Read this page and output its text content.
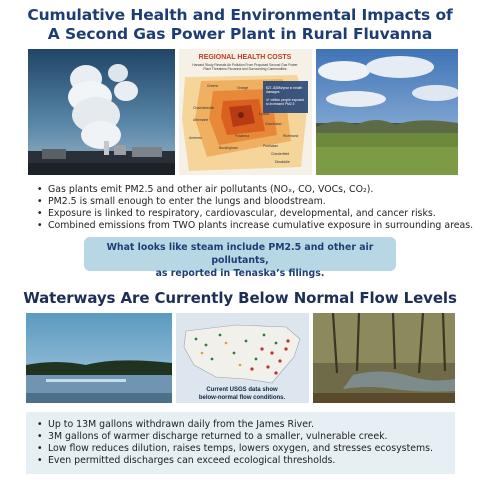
Cumulative Health and Environmental Impacts of
A Second Gas Power Plant in Rural Fluvanna
REGIONAL HEALTH COSTS
Harvard Study Reveals Air Pollution From Proposed Second Gas Power
Plant Threatens Fluvanna and Surrounding Communities
$27–$38M/year in health
damages
4+ million people exposed
to increased PM2.5
Greene	Orange
Charlottesville
Albemarle
Louisa
Goochland
Richmond
Fluvanna
Buckingham	Powhatan
Dinwiddie
Amherst
Chesterfield
• Gas plants emit PM2.5 and other air pollutants (NOₓ, CO, VOCs, CO₂).
• PM2.5 is small enough to enter the lungs and bloodstream.
• Exposure is linked to respiratory, cardiovascular, developmental, and cancer risks.
• Combined emissions from TWO plants increase cumulative exposure in surrounding areas.
What looks like steam include PM2.5 and other air pollutants,
as reported in Tenaska’s filings.
Waterways Are Currently Below Normal Flow Levels
Current USGS data show
below-normal flow conditions.
• Up to 13M gallons withdrawn daily from the James River.
• 3M gallons of warmer discharge returned to a smaller, vulnerable creek.
• Low flow reduces dilution, raises temps, lowers oxygen, and stresses ecosystems.
• Even permitted discharges can exceed ecological thresholds.
